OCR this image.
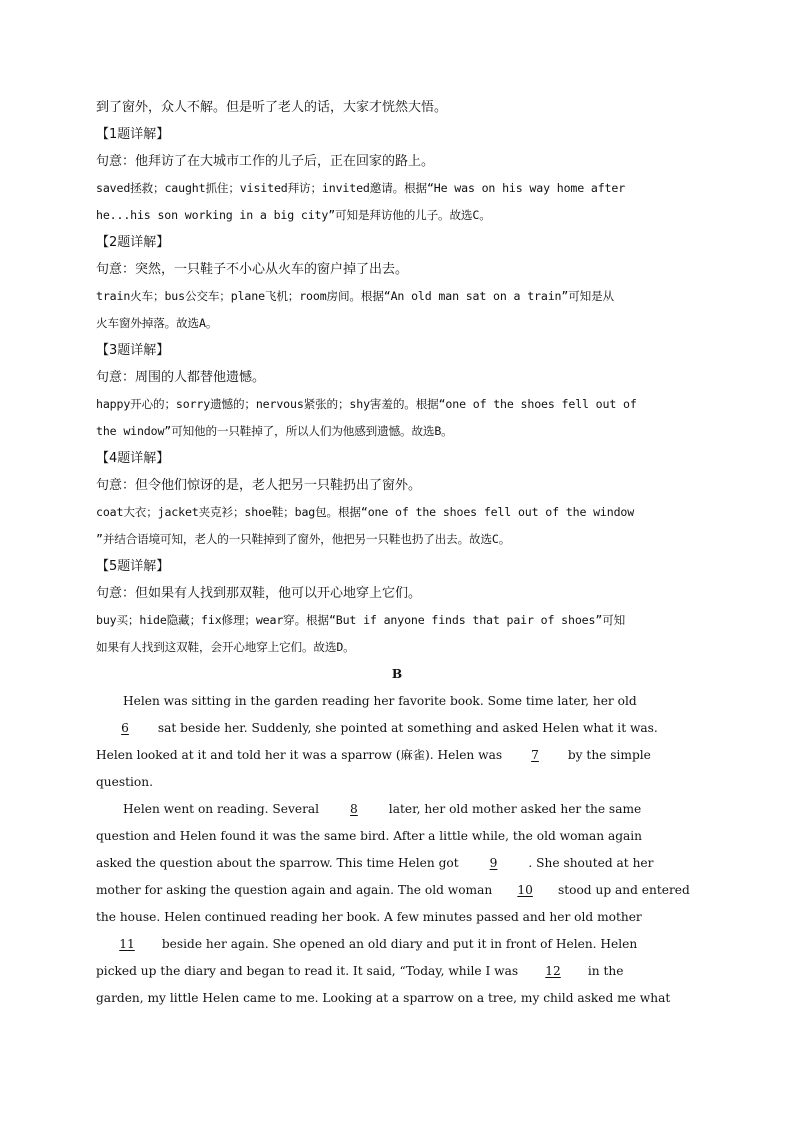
到了窗外，众人不解。但是听了老人的话，大家才恍然大悟。
【1题详解】
句意：他拜访了在大城市工作的儿子后，正在回家的路上。
saved拯救；caught抓住；visited拜访；invited邀请。根据“He was on his way home after
he...his son working in a big city”可知是拜访他的儿子。故选C。
【2题详解】
句意：突然，一只鞋子不小心从火车的窗户掉了出去。
train火车；bus公交车；plane飞机；room房间。根据“An old man sat on a train”可知是从
火车窗外掉落。故选A。
【3题详解】
句意：周围的人都替他遗憾。
happy开心的；sorry遗憾的；nervous紧张的；shy害羞的。根据“one of the shoes fell out of
the window”可知他的一只鞋掉了，所以人们为他感到遗憾。故选B。
【4题详解】
句意：但令他们惊讶的是，老人把另一只鞋扔出了窗外。
coat大衣；jacket夹克衫；shoe鞋；bag包。根据“one of the shoes fell out of the window
”并结合语境可知，老人的一只鞋掉到了窗外，他把另一只鞋也扔了出去。故选C。
【5题详解】
句意：但如果有人找到那双鞋，他可以开心地穿上它们。
buy买；hide隐藏；fix修理；wear穿。根据“But if anyone finds that pair of shoes”可知
如果有人找到这双鞋，会开心地穿上它们。故选D。
B
Helen was sitting in the garden reading her favorite book. Some time later, her old
6 sat beside her. Suddenly, she pointed at something and asked Helen what it was.
Helen looked at it and told her it was a sparrow (麻雀). Helen was 7 by the simple
question.
Helen went on reading. Several 8 later, her old mother asked her the same
question and Helen found it was the same bird. After a little while, the old woman again
asked the question about the sparrow. This time Helen got 9 . She shouted at her
mother for asking the question again and again. The old woman 10 stood up and entered
the house. Helen continued reading her book. A few minutes passed and her old mother
11 beside her again. She opened an old diary and put it in front of Helen. Helen
picked up the diary and began to read it. It said, “Today, while I was 12 in the
garden, my little Helen came to me. Looking at a sparrow on a tree, my child asked me what
